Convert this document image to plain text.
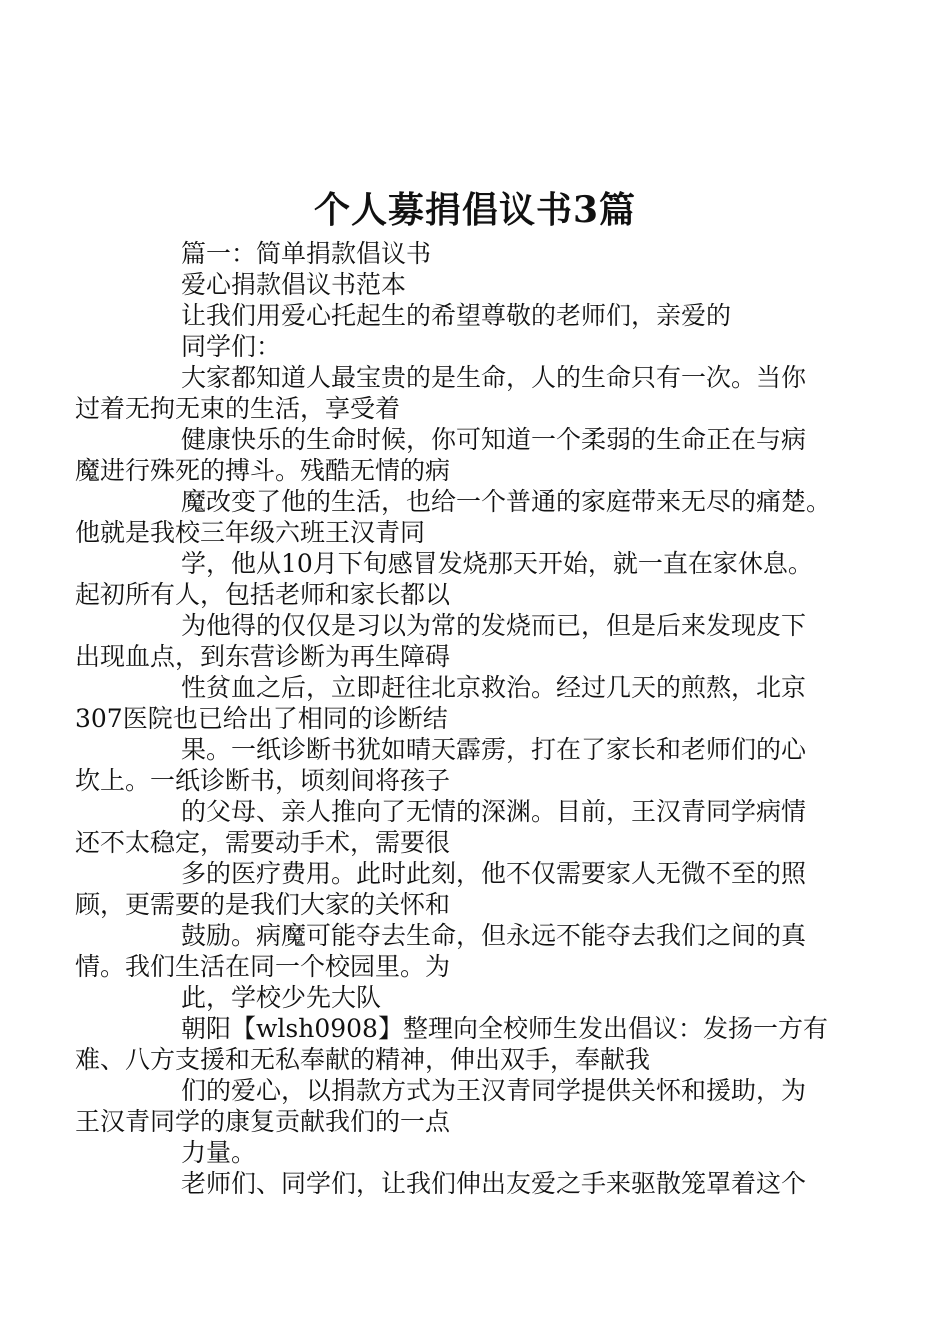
个人募捐倡议书3篇

篇一：简单捐款倡议书

爱心捐款倡议书范本

让我们用爱心托起生的希望尊敬的老师们，亲爱的

同学们：

大家都知道人最宝贵的是生命，人的生命只有一次。当你
过着无拘无束的生活，享受着

健康快乐的生命时候，你可知道一个柔弱的生命正在与病
魔进行殊死的搏斗。残酷无情的病

魔改变了他的生活，也给一个普通的家庭带来无尽的痛楚。
他就是我校三年级六班王汉青同

学，他从10月下旬感冒发烧那天开始，就一直在家休息。
起初所有人，包括老师和家长都以

为他得的仅仅是习以为常的发烧而已，但是后来发现皮下
出现血点，到东营诊断为再生障碍

性贫血之后，立即赶往北京救治。经过几天的煎熬，北京
307医院也已给出了相同的诊断结

果。一纸诊断书犹如晴天霹雳，打在了家长和老师们的心
坎上。一纸诊断书，顷刻间将孩子

的父母、亲人推向了无情的深渊。目前，王汉青同学病情
还不太稳定，需要动手术，需要很

多的医疗费用。此时此刻，他不仅需要家人无微不至的照
顾，更需要的是我们大家的关怀和

鼓励。病魔可能夺去生命，但永远不能夺去我们之间的真
情。我们生活在同一个校园里。为

此，学校少先大队

朝阳【wlsh0908】整理向全校师生发出倡议：发扬一方有
难、八方支援和无私奉献的精神，伸出双手，奉献我

们的爱心，以捐款方式为王汉青同学提供关怀和援助，为
王汉青同学的康复贡献我们的一点

力量。

老师们、同学们，让我们伸出友爱之手来驱散笼罩着这个
